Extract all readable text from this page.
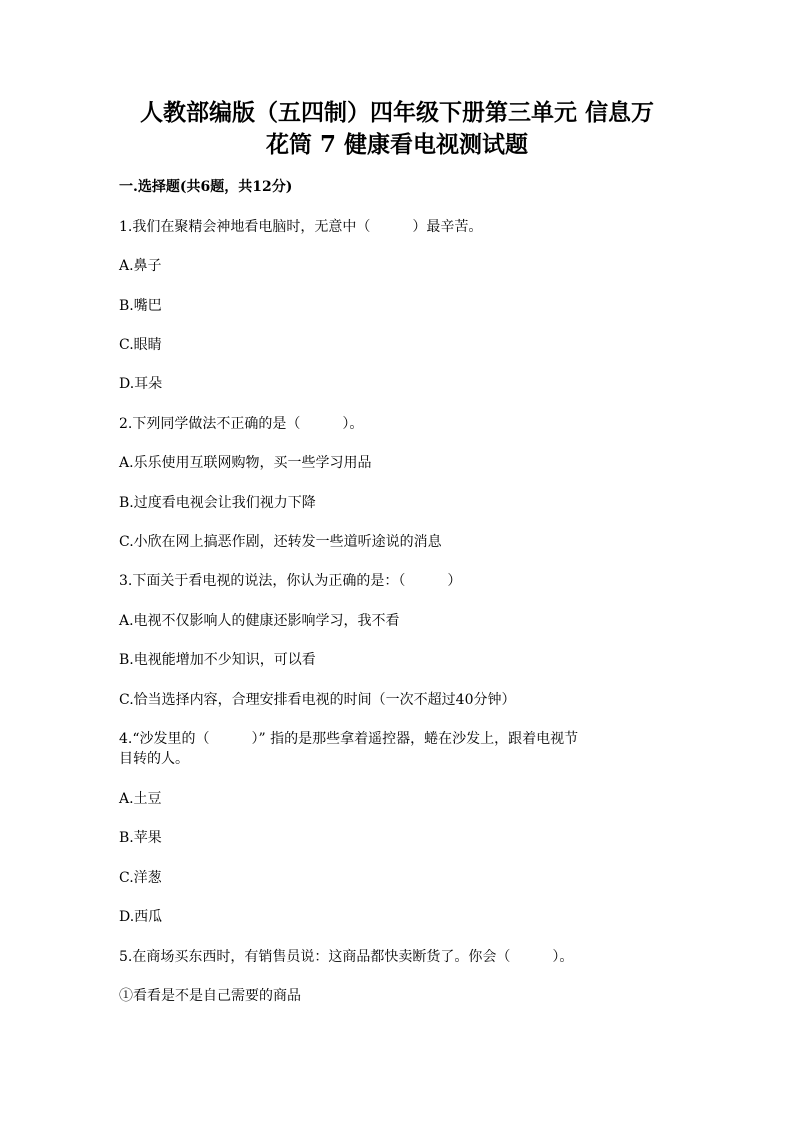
人教部编版（五四制）四年级下册第三单元 信息万
花筒 7 健康看电视测试题

一.选择题(共6题，共12分)

1.我们在聚精会神地看电脑时，无意中（　　　）最辛苦。

A.鼻子

B.嘴巴

C.眼睛

D.耳朵

2.下列同学做法不正确的是（　　　）。

A.乐乐使用互联网购物，买一些学习用品

B.过度看电视会让我们视力下降

C.小欣在网上搞恶作剧，还转发一些道听途说的消息

3.下面关于看电视的说法，你认为正确的是：（　　　）

A.电视不仅影响人的健康还影响学习，我不看

B.电视能增加不少知识，可以看

C.恰当选择内容，合理安排看电视的时间（一次不超过40分钟）

4.“沙发里的（　　　）” 指的是那些拿着遥控器，蜷在沙发上，跟着电视节

目转的人。

A.土豆

B.苹果

C.洋葱

D.西瓜

5.在商场买东西时，有销售员说：这商品都快卖断货了。你会（　　　）。

①看看是不是自己需要的商品
